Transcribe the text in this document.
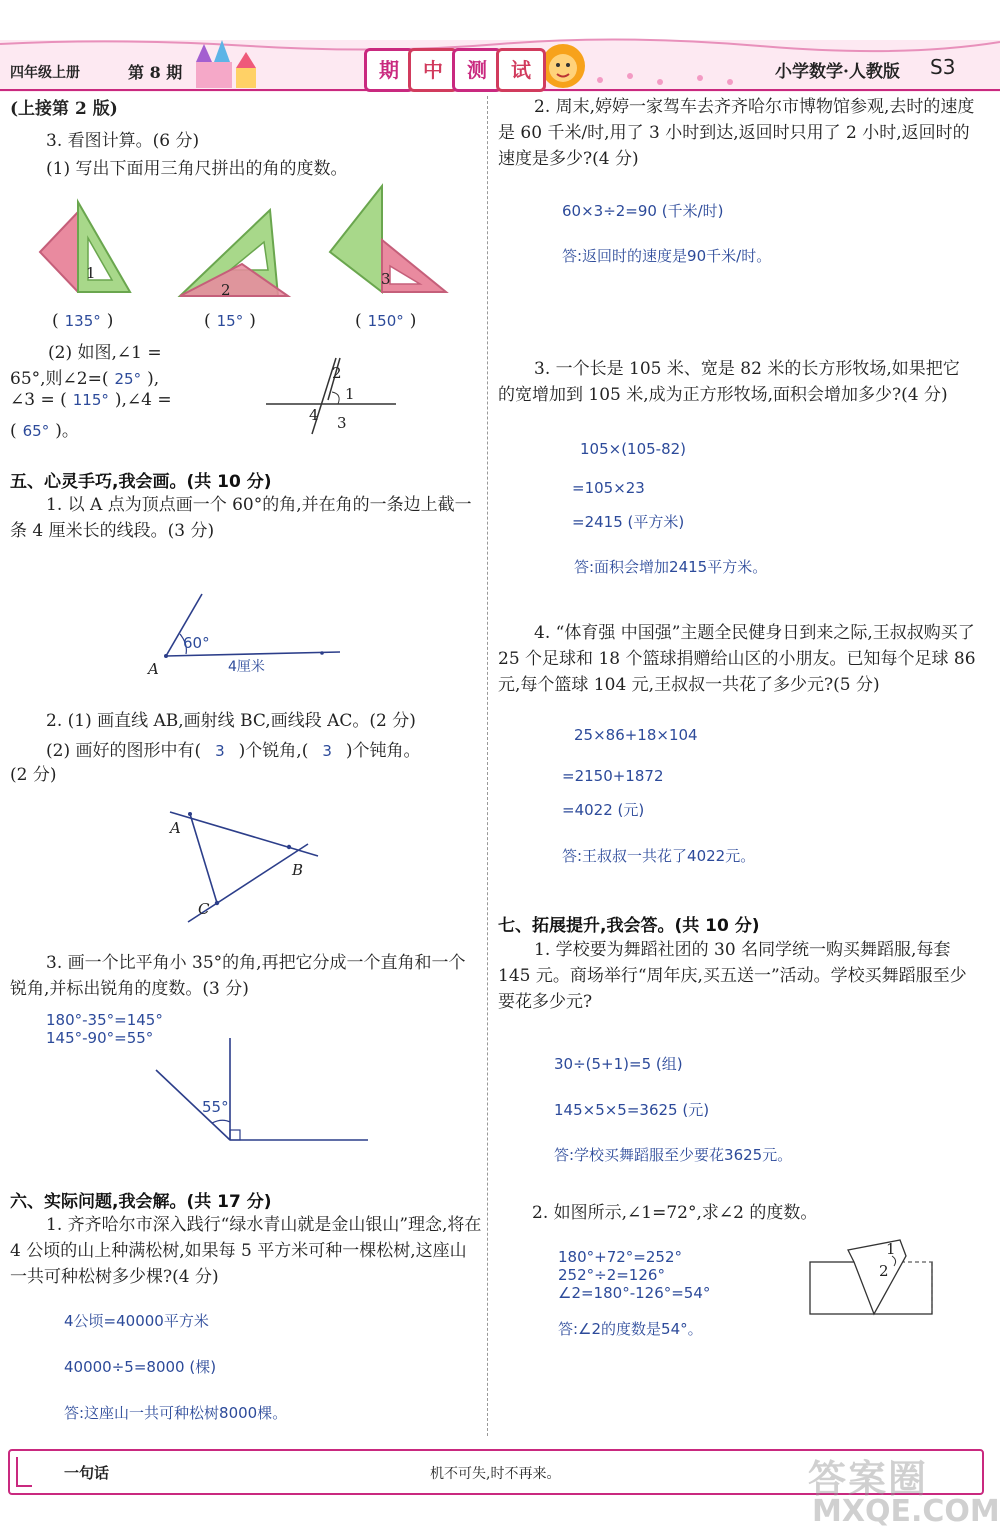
四年级上册	第 8 期	期	中	测	试	小学数学·人教版 S3
(上接第 2 版)
3. 看图计算。(6 分)
(1) 写出下面用三角尺拼出的角的度数。
1
2
3
( 135° )	( 15° )	( 150° )
(2) 如图,∠1 =
65°,则∠2=( 25° ),
∠3 = ( 115° ),∠4 =
( 65° )。
2
1
4 3
五、心灵手巧,我会画。(共 10 分)
1. 以 A 点为顶点画一个 60°的角,并在角的一条边上截一条 4 厘米长的线段。(3 分)
60°
A	4厘米
2. (1) 画直线 AB,画射线 BC,画线段 AC。(2 分)
(2) 画好的图形中有( 3 )个锐角,( 3 )个钝角。
(2 分)
A
B
C
3. 画一个比平角小 35°的角,再把它分成一个直角和一个锐角,并标出锐角的度数。(3 分)
180°-35°=145°
145°-90°=55°
55°
六、实际问题,我会解。(共 17 分)
1. 齐齐哈尔市深入践行“绿水青山就是金山银山”理念,将在 4 公顷的山上种满松树,如果每 5 平方米可种一棵松树,这座山一共可种松树多少棵?(4 分)
4公顷=40000平方米
40000÷5=8000 (棵)
答:这座山一共可种松树8000棵。
2. 周末,婷婷一家驾车去齐齐哈尔市博物馆参观,去时的速度是 60 千米/时,用了 3 小时到达,返回时只用了 2 小时,返回时的速度是多少?(4 分)
60×3÷2=90 (千米/时)
答:返回时的速度是90千米/时。
3. 一个长是 105 米、宽是 82 米的长方形牧场,如果把它的宽增加到 105 米,成为正方形牧场,面积会增加多少?(4 分)
105×(105-82)
=105×23
=2415 (平方米)
答:面积会增加2415平方米。
4. “体育强 中国强”主题全民健身日到来之际,王叔叔购买了 25 个足球和 18 个篮球捐赠给山区的小朋友。已知每个足球 86 元,每个篮球 104 元,王叔叔一共花了多少元?(5 分)
25×86+18×104
=2150+1872
=4022 (元)
答:王叔叔一共花了4022元。
七、拓展提升,我会答。(共 10 分)
1. 学校要为舞蹈社团的 30 名同学统一购买舞蹈服,每套 145 元。商场举行“周年庆,买五送一”活动。学校买舞蹈服至少要花多少元?
30÷(5+1)=5 (组)
145×5×5=3625 (元)
答:学校买舞蹈服至少要花3625元。
2. 如图所示,∠1=72°,求∠2 的度数。
180°+72°=252°
252°÷2=126°
∠2=180°-126°=54°
答:∠2的度数是54°。
1
2
一句话	机不可失,时不再来。	答案圈
MXQE.COM
